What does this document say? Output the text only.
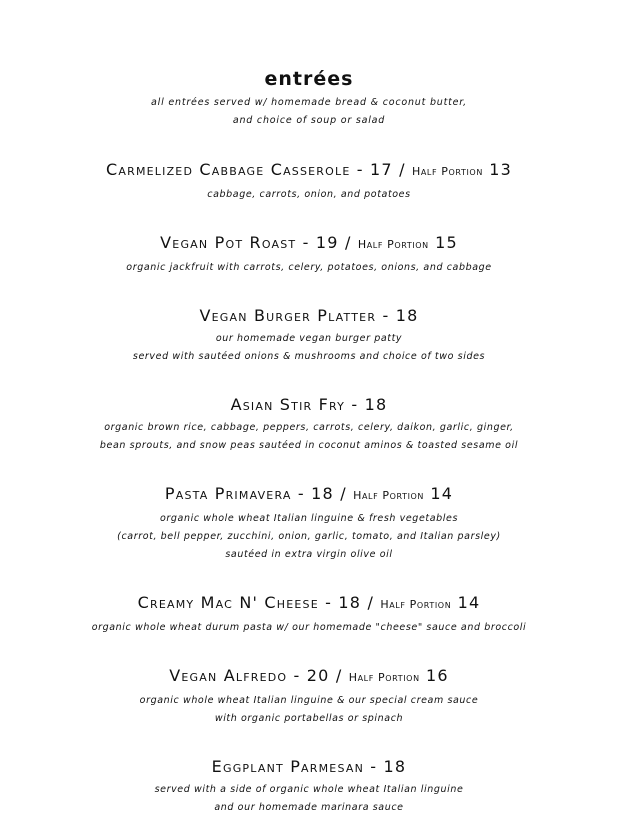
entrées
all entrées served w/ homemade bread & coconut butter,
and choice of soup or salad
Carmelized Cabbage Casserole - 17 / Half Portion 13
cabbage, carrots, onion, and potatoes
Vegan Pot Roast - 19 / Half Portion 15
organic jackfruit with carrots, celery, potatoes, onions, and cabbage
Vegan Burger Platter - 18
our homemade vegan burger patty
served with sautéed onions & mushrooms and choice of two sides
Asian Stir Fry - 18
organic brown rice, cabbage, peppers, carrots, celery, daikon, garlic, ginger,
bean sprouts, and snow peas sautéed in coconut aminos & toasted sesame oil
Pasta Primavera - 18 / Half Portion 14
organic whole wheat Italian linguine & fresh vegetables
(carrot, bell pepper, zucchini, onion, garlic, tomato, and Italian parsley)
sautéed in extra virgin olive oil
Creamy Mac N' Cheese - 18 / Half Portion 14
organic whole wheat durum pasta w/ our homemade "cheese" sauce and broccoli
Vegan Alfredo - 20 / Half Portion 16
organic whole wheat Italian linguine & our special cream sauce
with organic portabellas or spinach
Eggplant Parmesan - 18
served with a side of organic whole wheat Italian linguine
and our homemade marinara sauce
